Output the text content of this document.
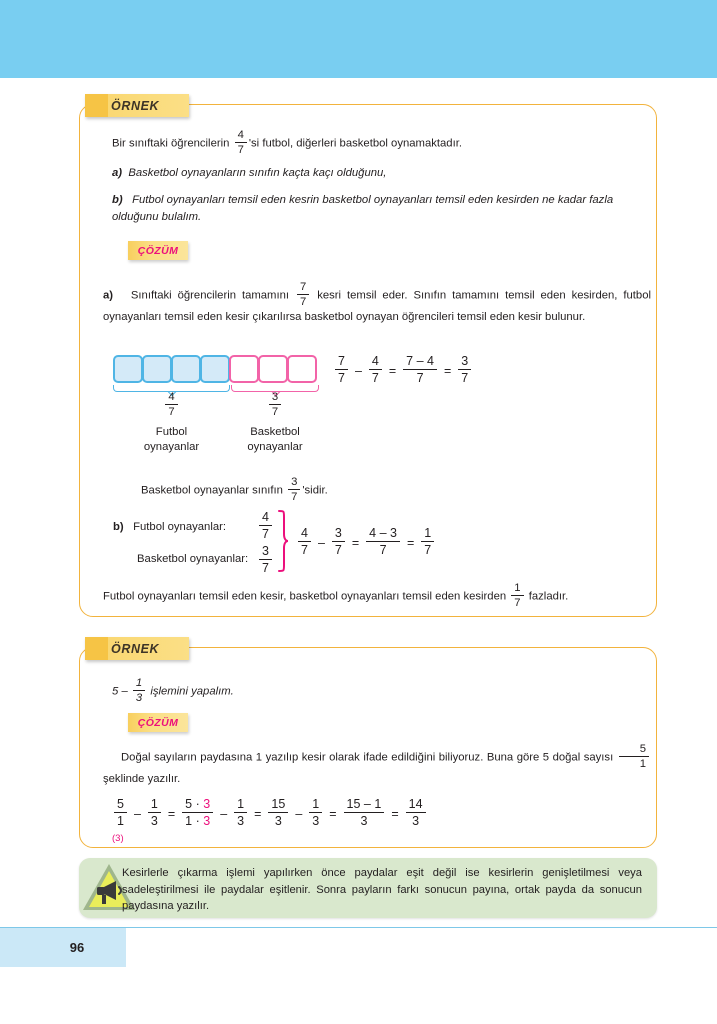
ÖRNEK
Bir sınıftaki öğrencilerin $\frac{4}{7}$ 'si futbol, diğerleri basketbol oynamaktadır.
a) Basketbol oynayanların sınıfın kaçta kaçı olduğunu,
b) Futbol oynayanları temsil eden kesrin basketbol oynayanları temsil eden kesirden ne kadar fazla olduğunu bulalım.
ÇÖZÜM
a) Sınıftaki öğrencilerin tamamını $\frac{7}{7}$ kesri temsil eder. Sınıfın tamamını temsil eden kesirden, futbol oynayanları temsil eden kesir çıkarılırsa basketbol oynayan öğrencileri temsil eden kesir bulunur.
$\frac{4}{7}$
Futbol
oynayanlar
$\frac{3}{7}$
Basketbol
oynayanlar
$\frac{7}{7} - \frac{4}{7} = \frac{7 - 4}{7} = \frac{3}{7}$
Basketbol oynayanlar sınıfın $\frac{3}{7}$ 'sidir.
b) Futbol oynayanlar:
Basketbol oynayanlar:
$\frac{4}{7}$
$\frac{3}{7}$
$\frac{4}{7} - \frac{3}{7} = \frac{4 - 3}{7} = \frac{1}{7}$
Futbol oynayanları temsil eden kesir, basketbol oynayanları temsil eden kesirden $\frac{1}{7}$ fazladır.
ÖRNEK
$5 - \frac{1}{3}$ işlemini yapalım.
ÇÖZÜM
Doğal sayıların paydasına 1 yazılıp kesir olarak ifade edildiğini biliyoruz. Buna göre 5 doğal sayısı $\frac{5}{1}$
şeklinde yazılır.
$\frac{5}{1} - \frac{1}{3} = \frac{5 \cdot 3}{1 \cdot 3} - \frac{1}{3} = \frac{15}{3} - \frac{1}{3} = \frac{15 - 1}{3} = \frac{14}{3}$
(3)
Kesirlerle çıkarma işlemi yapılırken önce paydalar eşit değil ise kesirlerin genişletilmesi veya sadeleştirilmesi ile paydalar eşitlenir. Sonra payların farkı sonucun payına, ortak payda da sonucun paydasına yazılır.
96
